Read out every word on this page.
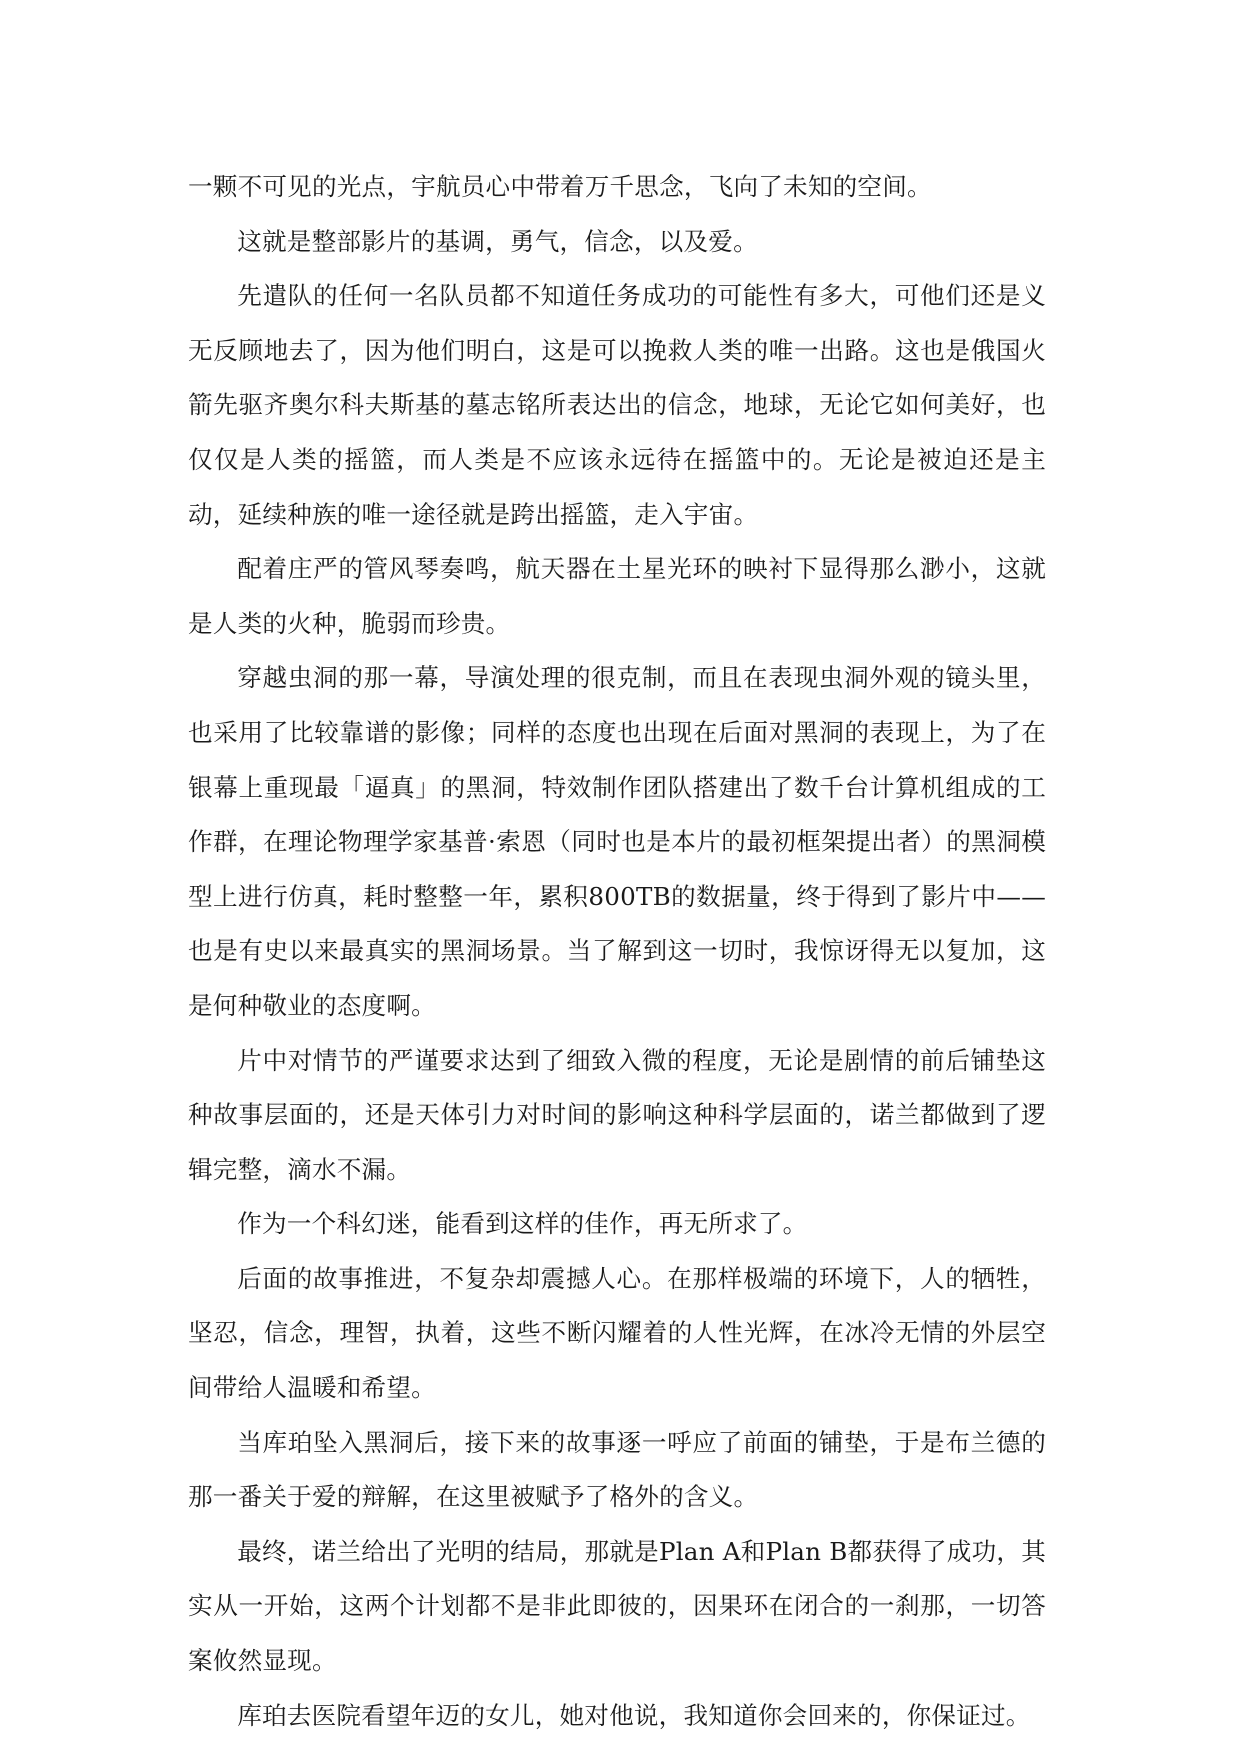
一颗不可见的光点，宇航员心中带着万千思念，飞向了未知的空间。

这就是整部影片的基调，勇气，信念，以及爱。

先遣队的任何一名队员都不知道任务成功的可能性有多大，可他们还是义无反顾地去了，因为他们明白，这是可以挽救人类的唯一出路。这也是俄国火箭先驱齐奥尔科夫斯基的墓志铭所表达出的信念，地球，无论它如何美好，也仅仅是人类的摇篮，而人类是不应该永远待在摇篮中的。无论是被迫还是主动，延续种族的唯一途径就是跨出摇篮，走入宇宙。

配着庄严的管风琴奏鸣，航天器在土星光环的映衬下显得那么渺小，这就是人类的火种，脆弱而珍贵。

穿越虫洞的那一幕，导演处理的很克制，而且在表现虫洞外观的镜头里，也采用了比较靠谱的影像；同样的态度也出现在后面对黑洞的表现上，为了在银幕上重现最「逼真」的黑洞，特效制作团队搭建出了数千台计算机组成的工作群，在理论物理学家基普·索恩（同时也是本片的最初框架提出者）的黑洞模型上进行仿真，耗时整整一年，累积800TB的数据量，终于得到了影片中——也是有史以来最真实的黑洞场景。当了解到这一切时，我惊讶得无以复加，这是何种敬业的态度啊。

片中对情节的严谨要求达到了细致入微的程度，无论是剧情的前后铺垫这种故事层面的，还是天体引力对时间的影响这种科学层面的，诺兰都做到了逻辑完整，滴水不漏。

作为一个科幻迷，能看到这样的佳作，再无所求了。

后面的故事推进，不复杂却震撼人心。在那样极端的环境下，人的牺牲，坚忍，信念，理智，执着，这些不断闪耀着的人性光辉，在冰冷无情的外层空间带给人温暖和希望。

当库珀坠入黑洞后，接下来的故事逐一呼应了前面的铺垫，于是布兰德的那一番关于爱的辩解，在这里被赋予了格外的含义。

最终，诺兰给出了光明的结局，那就是Plan A和Plan B都获得了成功，其实从一开始，这两个计划都不是非此即彼的，因果环在闭合的一刹那，一切答案攸然显现。

库珀去医院看望年迈的女儿，她对他说，我知道你会回来的，你保证过。
